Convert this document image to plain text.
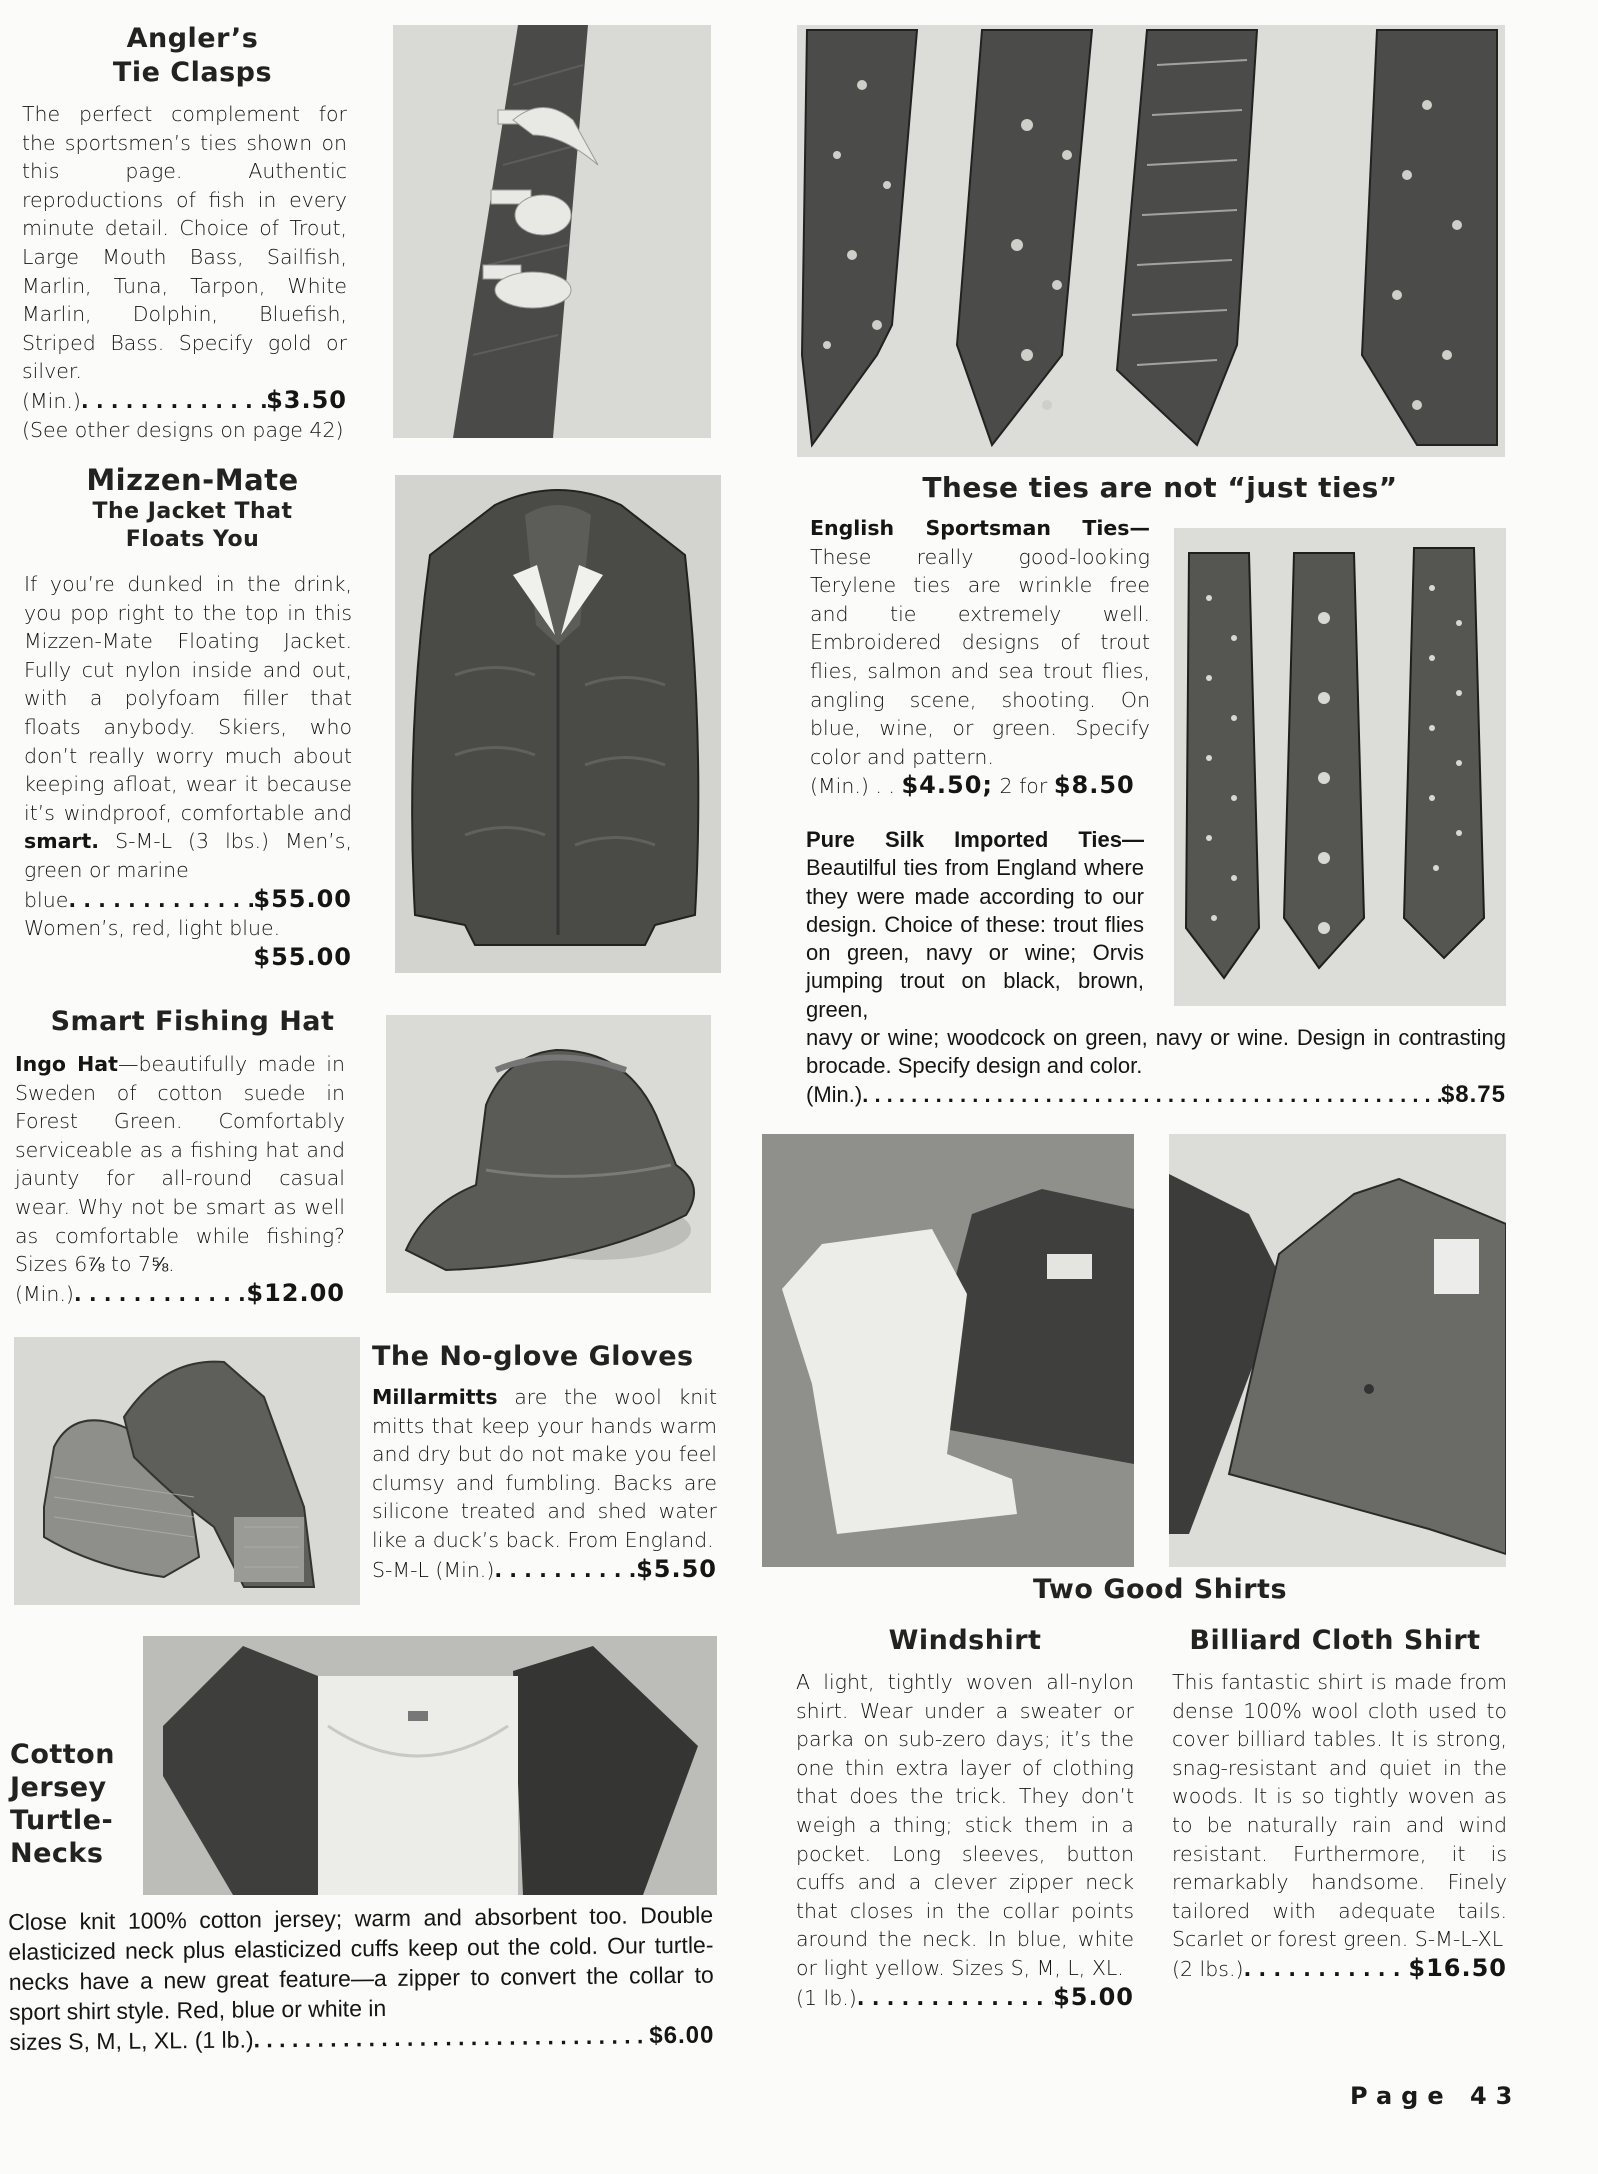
Angler’s
Tie Clasps
The perfect complement for the sportsmen’s ties shown on this page. Authentic reproductions of fish in every minute detail. Choice of Trout, Large Mouth Bass, Sailfish, Marlin, Tuna, Tarpon, White Marlin, Dolphin, Bluefish, Striped Bass. Specify gold or silver.
(Min.) . . .	$3.50
(See other designs on page 42)
Mizzen-Mate
The Jacket That
Floats You
If you’re dunked in the drink, you pop right to the top in this Mizzen-Mate Floating Jacket. Fully cut nylon inside and out, with a polyfoam filler that floats anybody. Skiers, who don’t really worry much about keeping afloat, wear it because it’s windproof, comfortable and smart. S-M-L (3 lbs.) Men’s, green or marine
blue . . .	$55.00
Women’s, red, light blue.
$55.00
Smart Fishing Hat
Ingo Hat—beautifully made in Sweden of cotton suede in Forest Green. Comfortably serviceable as a fishing hat and jaunty for all-round casual wear. Why not be smart as well as comfortable while fishing? Sizes 6⅞ to 7⅝.
(Min.) . . .	$12.00
The No-glove Gloves
Millarmitts are the wool knit mitts that keep your hands warm and dry but do not make you feel clumsy and fumbling. Backs are silicone treated and shed water like a duck’s back. From England.
S-M-L (Min.) . . .	$5.50
Cotton
Jersey
Turtle-
Necks
Close knit 100% cotton jersey; warm and absorbent too. Double elasticized neck plus elasticized cuffs keep out the cold. Our turtle-necks have a new great feature—a zipper to convert the collar to sport shirt style. Red, blue or white in
sizes S, M, L, XL. (1 lb.) . . .	$6.00
These ties are not “just ties”
English Sportsman Ties— These really good-looking Terylene ties are wrinkle free and tie extremely well. Embroidered designs of trout flies, salmon and sea trout flies, angling scene, shooting. On blue, wine, or green. Specify color and pattern.
(Min.) . . $4.50; 2 for $8.50
Pure Silk Imported Ties— Beautilful ties from England where they were made according to our design. Choice of these: trout flies on green, navy or wine; Orvis jumping trout on black, brown, green,
navy or wine; woodcock on green, navy or wine. Design in contrasting brocade. Specify design and color.
(Min.) . . .	$8.75
Two Good Shirts
Windshirt	Billiard Cloth Shirt
A light, tightly woven all-nylon shirt. Wear under a sweater or parka on sub-zero days; it’s the one thin extra layer of clothing that does the trick. They don’t weigh a thing; stick them in a pocket. Long sleeves, button cuffs and a clever zipper neck that closes in the collar points around the neck. In blue, white or light yellow. Sizes S, M, L, XL.
(1 lb.) . . .	$5.00
This fantastic shirt is made from dense 100% wool cloth used to cover billiard tables. It is strong, snag-resistant and quiet in the woods. It is so tightly woven as to be naturally rain and wind resistant. Furthermore, it is remarkably handsome. Finely tailored with adequate tails. Scarlet or forest green. S-M-L-XL
(2 lbs.) . . .	$16.50
Page 43
